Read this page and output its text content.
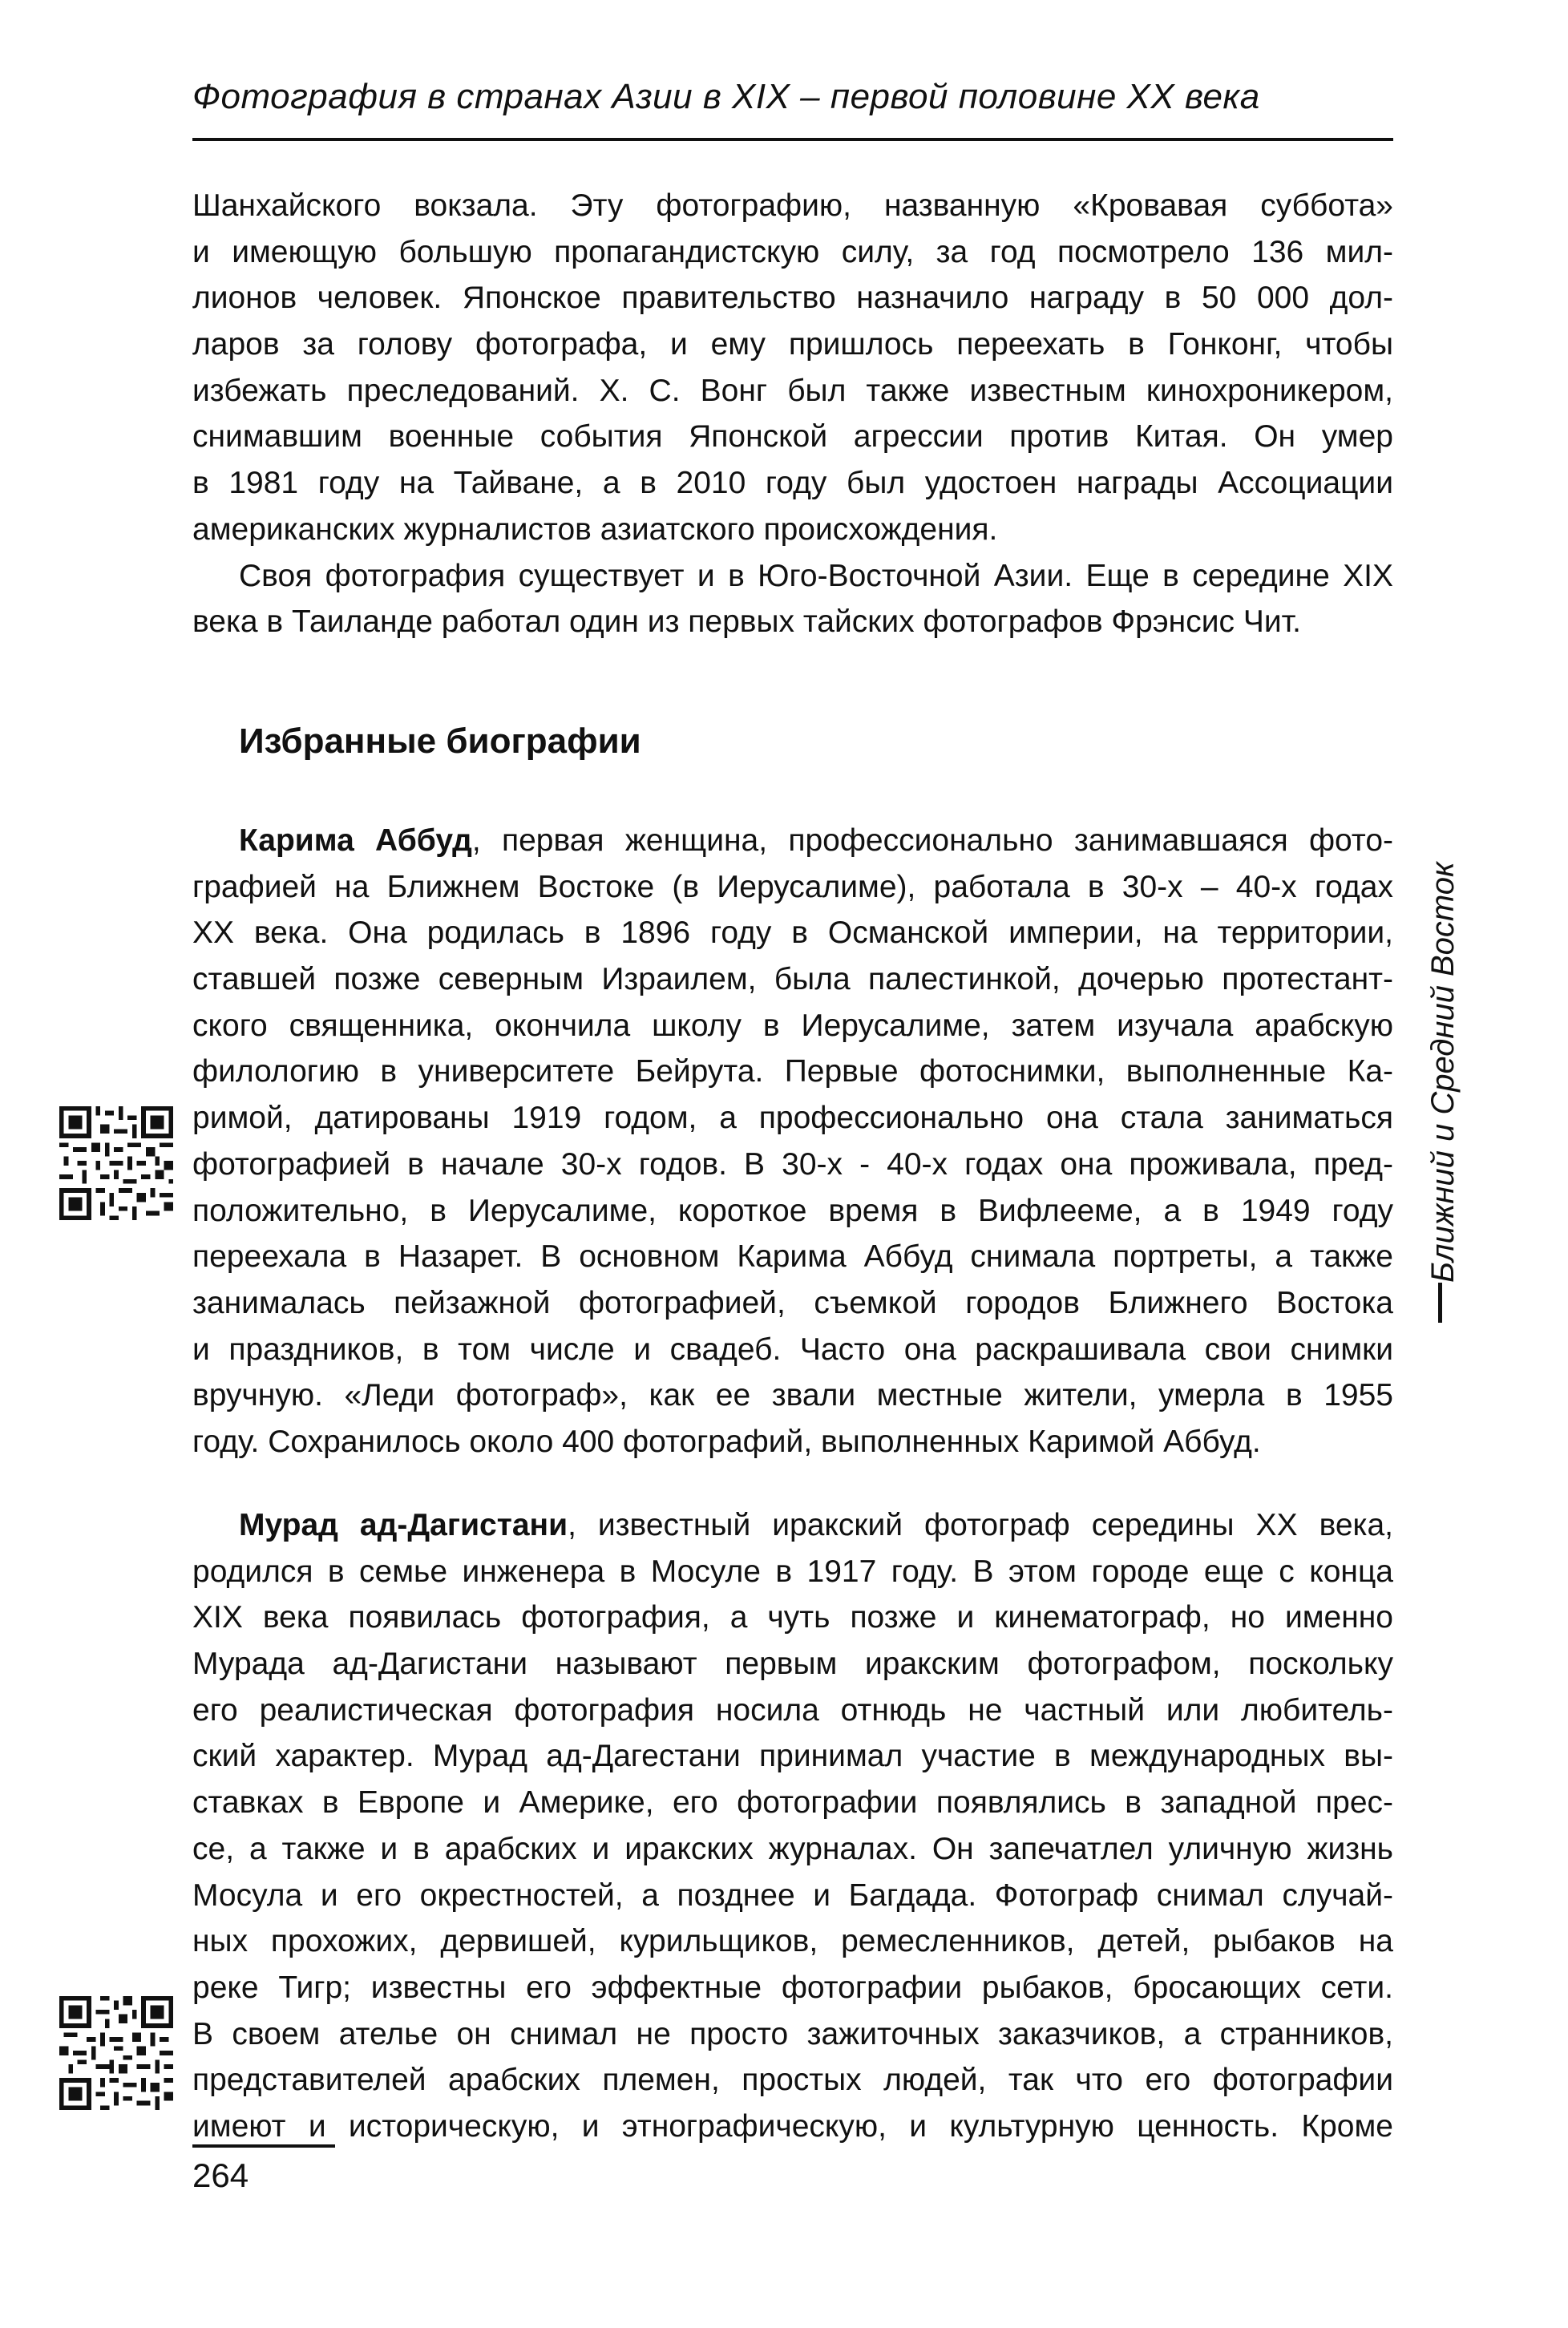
Фотография в странах Азии в XIX – первой половине XX века
Шанхайского вокзала. Эту фотографию, названную «Кровавая суббота»
и имеющую большую пропагандистскую силу, за год посмотрело 136 мил-
лионов человек. Японское правительство назначило награду в 50 000 дол-
ларов за голову фотографа, и ему пришлось переехать в Гонконг, чтобы
избежать преследований. Х. С. Вонг был также известным кинохроникером,
снимавшим военные события Японской агрессии против Китая. Он умер
в 1981 году на Тайване, а в 2010 году был удостоен награды Ассоциации
американских журналистов азиатского происхождения.
Своя фотография существует и в Юго-Восточной Азии. Еще в середине XIX
века в Таиланде работал один из первых тайских фотографов Фрэнсис Чит.
Избранные биографии
Карима Аббуд, первая женщина, профессионально занимавшаяся фото-
графией на Ближнем Востоке (в Иерусалиме), работала в 30-х – 40-х годах
XX века. Она родилась в 1896 году в Османской империи, на территории,
ставшей позже северным Израилем, была палестинкой, дочерью протестант-
ского священника, окончила школу в Иерусалиме, затем изучала арабскую
филологию в университете Бейрута. Первые фотоснимки, выполненные Ка-
римой, датированы 1919 годом, а профессионально она стала заниматься
фотографией в начале 30-х годов. В 30-х - 40-х годах она проживала, пред-
положительно, в Иерусалиме, короткое время в Вифлееме, а в 1949 году
переехала в Назарет. В основном Карима Аббуд снимала портреты, а также
занималась пейзажной фотографией, съемкой городов Ближнего Востока
и праздников, в том числе и свадеб. Часто она раскрашивала свои снимки
вручную. «Леди фотограф», как ее звали местные жители, умерла в 1955
году. Сохранилось около 400 фотографий, выполненных Каримой Аббуд.
Мурад ад-Дагистани, известный иракский фотограф середины XX века,
родился в семье инженера в Мосуле в 1917 году. В этом городе еще с конца
XIX века появилась фотография, а чуть позже и кинематограф, но именно
Мурада ад-Дагистани называют первым иракским фотографом, поскольку
его реалистическая фотография носила отнюдь не частный или любитель-
ский характер. Мурад ад-Дагестани принимал участие в международных вы-
ставках в Европе и Америке, его фотографии появлялись в западной прес-
се, а также и в арабских и иракских журналах. Он запечатлел уличную жизнь
Мосула и его окрестностей, а позднее и Багдада. Фотограф снимал случай-
ных прохожих, дервишей, курильщиков, ремесленников, детей, рыбаков на
реке Тигр; известны его эффектные фотографии рыбаков, бросающих сети.
В своем ателье он снимал не просто зажиточных заказчиков, а странников,
представителей арабских племен, простых людей, так что его фотографии
имеют и историческую, и этнографическую, и культурную ценность. Кроме
Ближний и Средний Восток
264
